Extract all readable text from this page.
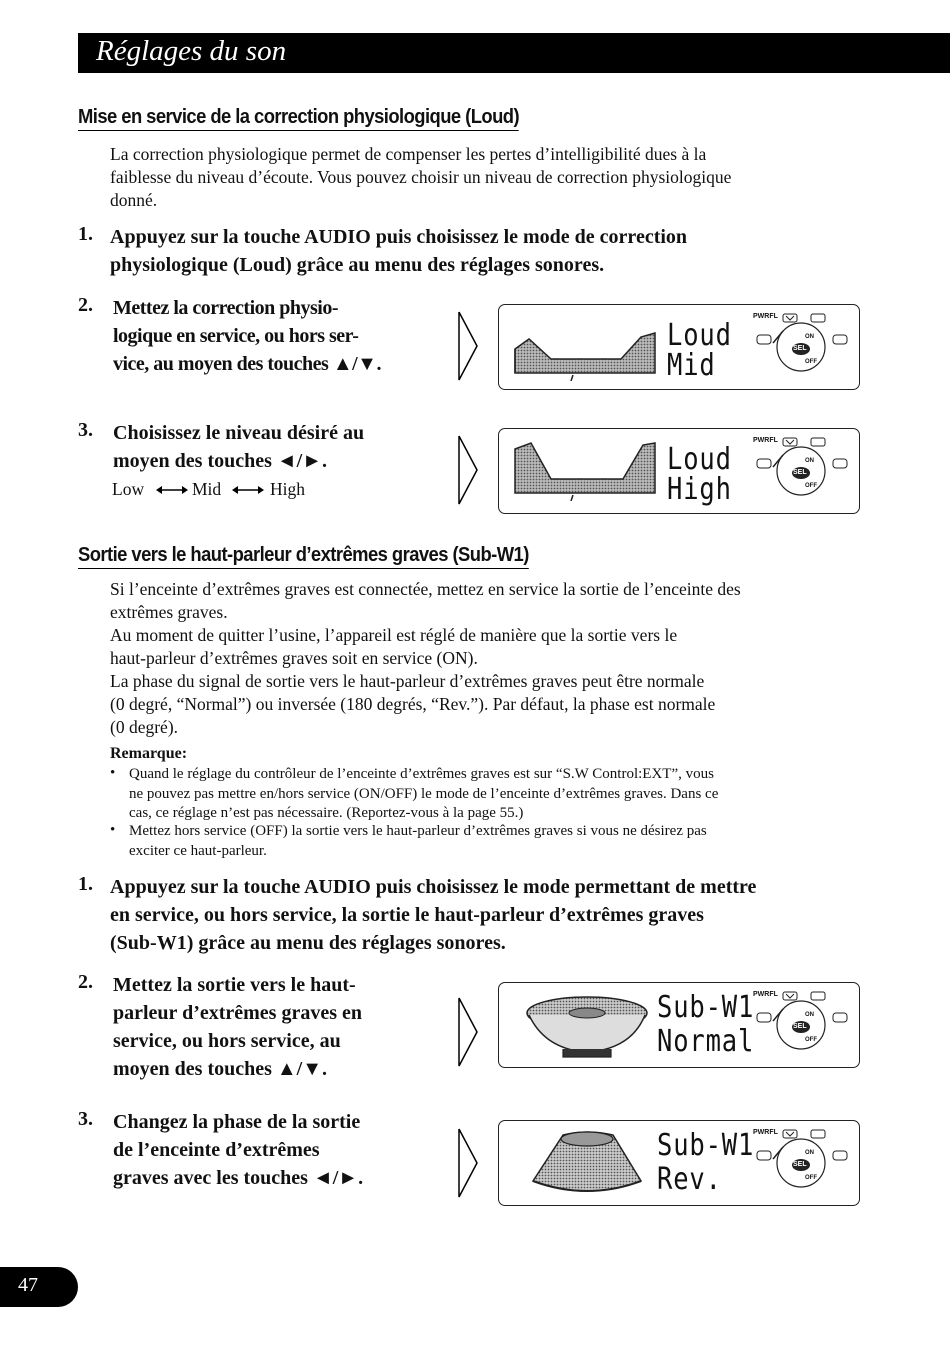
Réglages du son
Mise en service de la correction physiologique (Loud)
La correction physiologique permet de compenser les pertes d’intelligibilité dues à la
faiblesse du niveau d’écoute. Vous pouvez choisir un niveau de correction physiologique
donné.
1. Appuyez sur la touche AUDIO puis choisissez le mode de correction
physiologique (Loud) grâce au menu des réglages sonores.
2. Mettez la correction physio-
logique en service, ou hors ser-
vice, au moyen des touches ▲/▼.
Loud
Mid
PWRFL
SEL
ON
OFF
3. Choisissez le niveau désiré au
moyen des touches ◄/►.
Low	Mid	High
Loud
High
PWRFL
SEL
ON
OFF
Sortie vers le haut-parleur d’extrêmes graves (Sub-W1)
Si l’enceinte d’extrêmes graves est connectée, mettez en service la sortie de l’enceinte des
extrêmes graves.
Au moment de quitter l’usine, l’appareil est réglé de manière que la sortie vers le
haut-parleur d’extrêmes graves soit en service (ON).
La phase du signal de sortie vers le haut-parleur d’extrêmes graves peut être normale
(0 degré, “Normal”) ou inversée (180 degrés, “Rev.”). Par défaut, la phase est normale
(0 degré).
Remarque:
• Quand le réglage du contrôleur de l’enceinte d’extrêmes graves est sur “S.W Control:EXT”, vous
ne pouvez pas mettre en/hors service (ON/OFF) le mode de l’enceinte d’extrêmes graves. Dans ce
cas, ce réglage n’est pas nécessaire. (Reportez-vous à la page 55.)
• Mettez hors service (OFF) la sortie vers le haut-parleur d’extrêmes graves si vous ne désirez pas
exciter ce haut-parleur.
1. Appuyez sur la touche AUDIO puis choisissez le mode permettant de mettre
en service, ou hors service, la sortie le haut-parleur d’extrêmes graves
(Sub-W1) grâce au menu des réglages sonores.
2. Mettez la sortie vers le haut-
parleur d’extrêmes graves en
service, ou hors service, au
moyen des touches ▲/▼.
Sub-W1
Normal
PWRFL
SEL
ON
OFF
3. Changez la phase de la sortie
de l’enceinte d’extrêmes
graves avec les touches ◄/►.
Sub-W1
Rev.
PWRFL
SEL
ON
OFF
47
